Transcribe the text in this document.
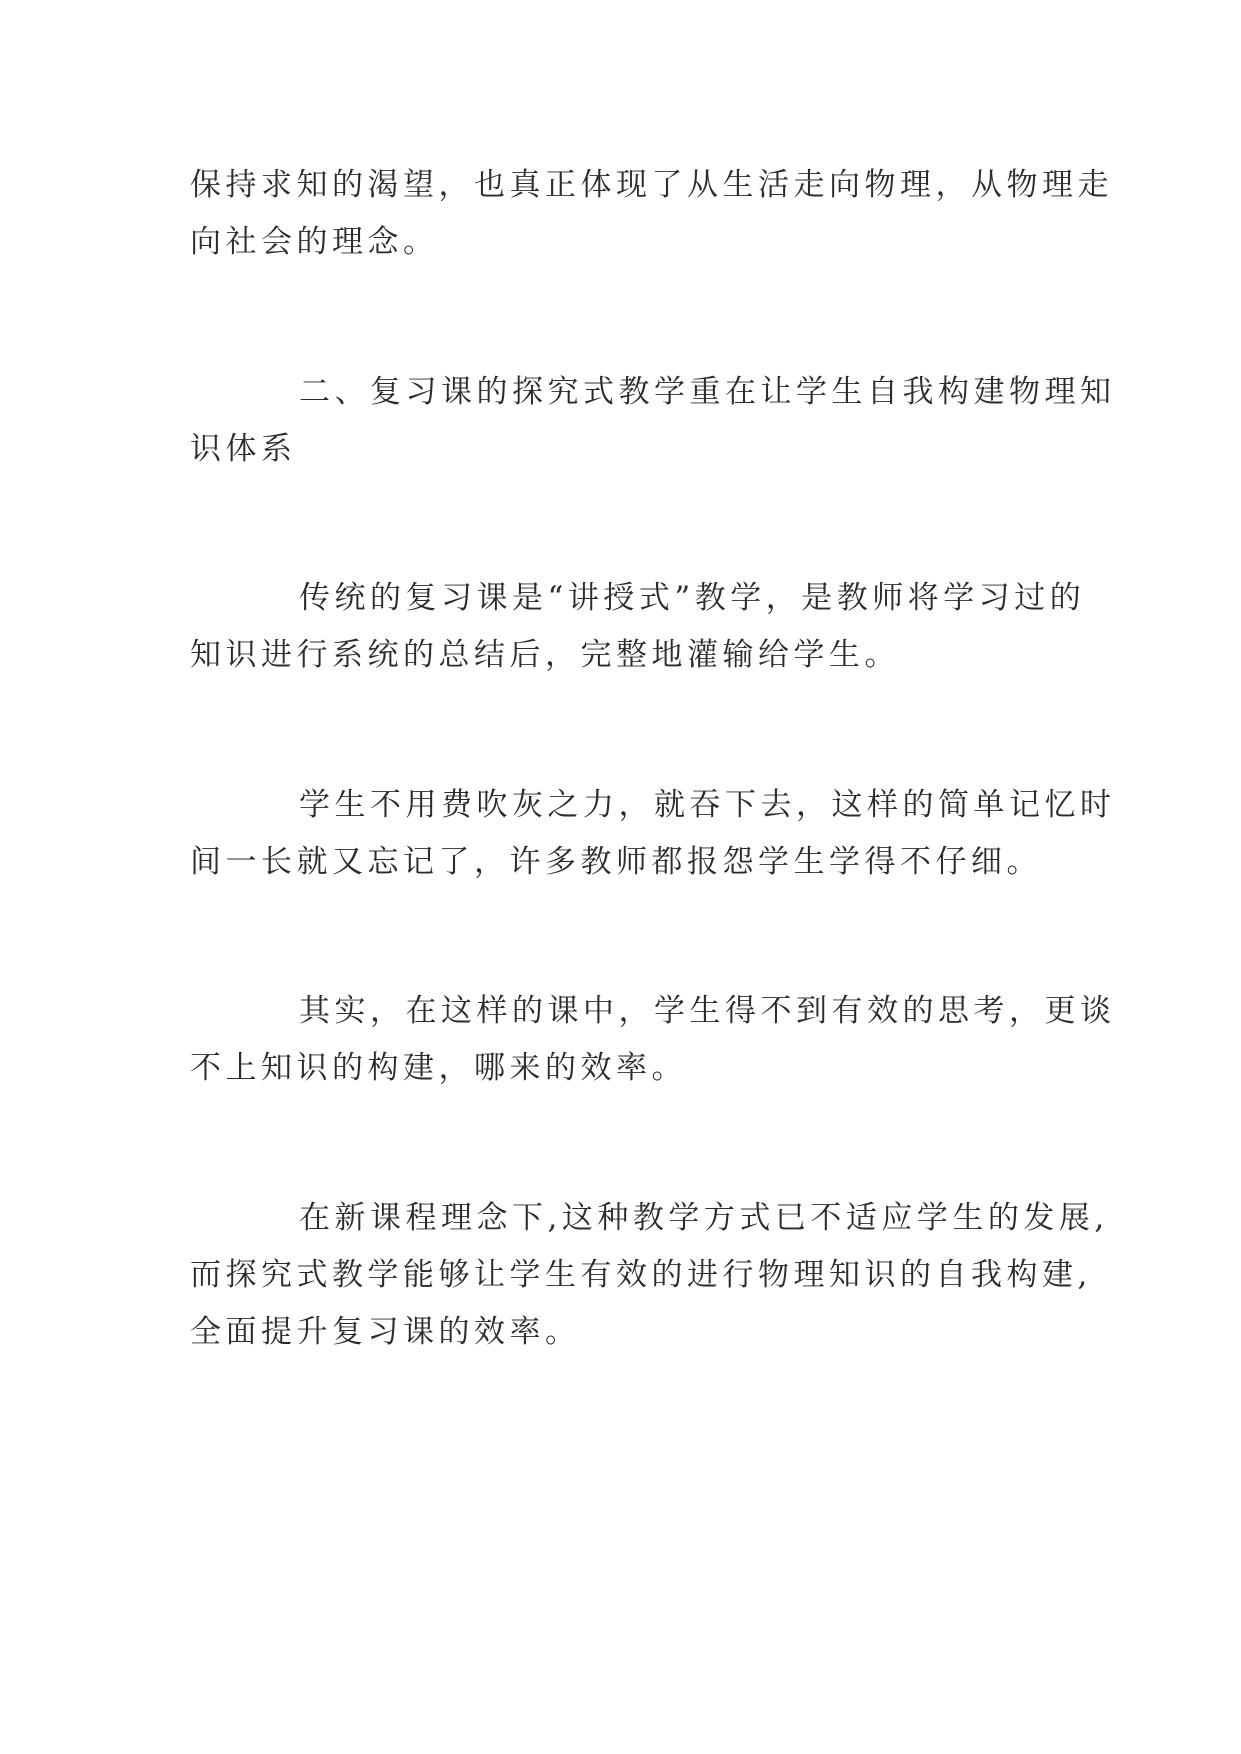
保持求知的渴望，也真正体现了从生活走向物理，从物理走
向社会的理念。
二、复习课的探究式教学重在让学生自我构建物理知
识体系
传统的复习课是“讲授式”教学，是教师将学习过的
知识进行系统的总结后，完整地灌输给学生。
学生不用费吹灰之力，就吞下去，这样的简单记忆时
间一长就又忘记了，许多教师都报怨学生学得不仔细。
其实，在这样的课中，学生得不到有效的思考，更谈
不上知识的构建，哪来的效率。
在新课程理念下,这种教学方式已不适应学生的发展,
而探究式教学能够让学生有效的进行物理知识的自我构建,
全面提升复习课的效率。
